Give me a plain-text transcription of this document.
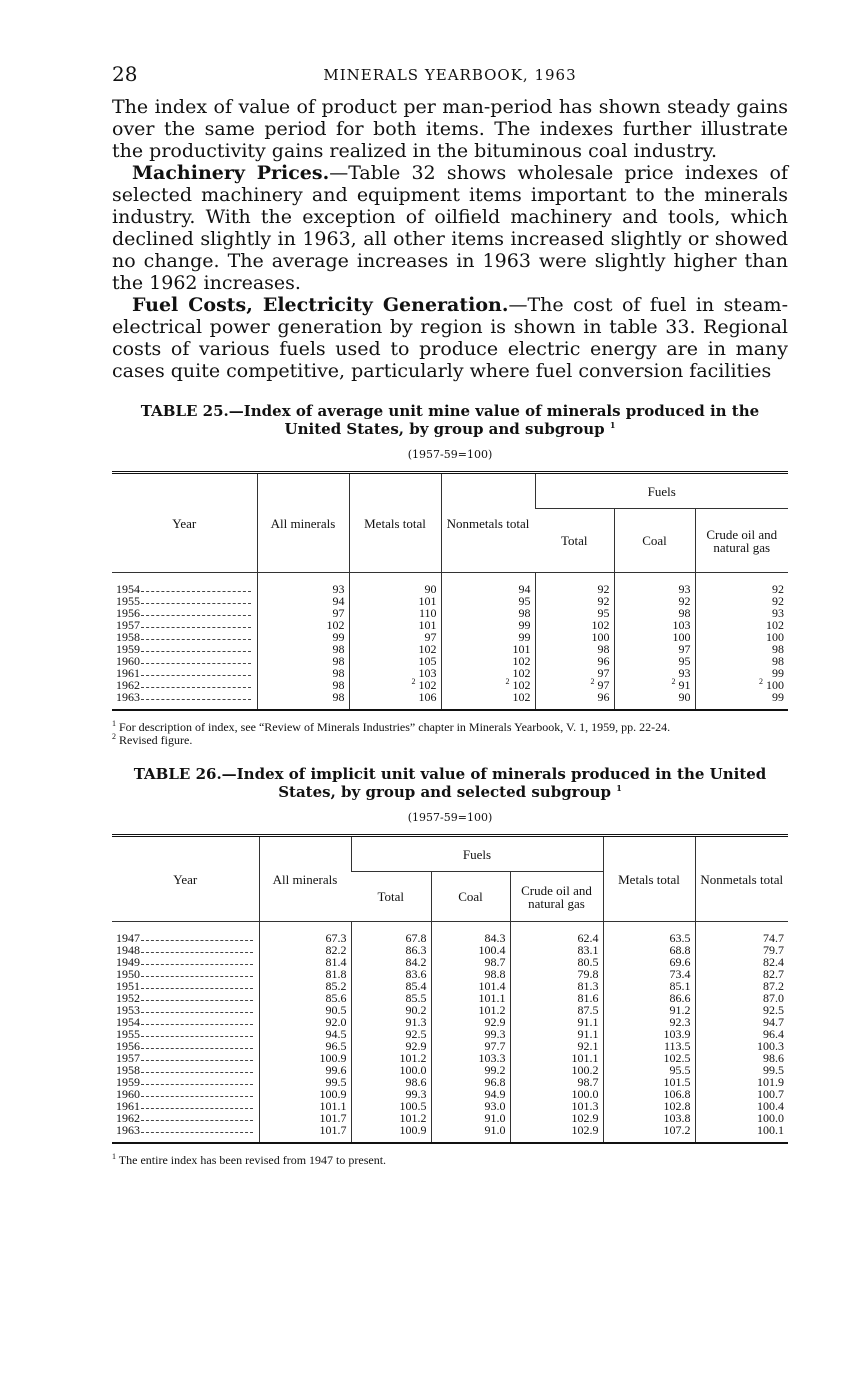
28	MINERALS YEARBOOK, 1963

The index of value of product per man-period has shown steady gains over the same period for both items. The indexes further illustrate the productivity gains realized in the bituminous coal industry.

Machinery Prices.—Table 32 shows wholesale price indexes of selected machinery and equipment items important to the minerals industry. With the exception of oilfield machinery and tools, which declined slightly in 1963, all other items increased slightly or showed no change. The average increases in 1963 were slightly higher than the 1962 increases.

Fuel Costs, Electricity Generation.—The cost of fuel in steam-electrical power generation by region is shown in table 33. Regional costs of various fuels used to produce electric energy are in many cases quite competitive, particularly where fuel conversion facilities

TABLE 25.—Index of average unit mine value of minerals produced in the United States, by group and subgroup $^1$
(1957-59=100)
Year	All minerals	Metals total	Nonmetals total	Fuels		
				Total	Coal	Crude oil and natural gas

1954	93	90	94	92	93	92

1955	94	101	95	92	92	92

1956	97	110	98	95	98	93

1957	102	101	99	102	103	102

1958	99	97	99	100	100	100

1959	98	102	101	98	97	98

1960	98	105	102	96	95	98

1961	98	103	102	97	93	99

1962	98	$^2$ 102	$^2$ 102	$^2$ 97	$^2$ 91	$^2$ 100

1963	98	106	102	96	90	99

$^1$ For description of index, see “Review of Minerals Industries” chapter in Minerals Yearbook, V. 1, 1959, pp. 22-24.

$^2$ Revised figure.

TABLE 26.—Index of implicit unit value of minerals produced in the United States, by group and selected subgroup $^1$
(1957-59=100)
Year	All minerals	Fuels			Metals total	Nonmetals total
		Total	Coal	Crude oil and natural gas		

1947	67.3	67.8	84.3	62.4	63.5	74.7

1948	82.2	86.3	100.4	83.1	68.8	79.7

1949	81.4	84.2	98.7	80.5	69.6	82.4

1950	81.8	83.6	98.8	79.8	73.4	82.7

1951	85.2	85.4	101.4	81.3	85.1	87.2

1952	85.6	85.5	101.1	81.6	86.6	87.0

1953	90.5	90.2	101.2	87.5	91.2	92.5

1954	92.0	91.3	92.9	91.1	92.3	94.7

1955	94.5	92.5	99.3	91.1	103.9	96.4

1956	96.5	92.9	97.7	92.1	113.5	100.3

1957	100.9	101.2	103.3	101.1	102.5	98.6

1958	99.6	100.0	99.2	100.2	95.5	99.5

1959	99.5	98.6	96.8	98.7	101.5	101.9

1960	100.9	99.3	94.9	100.0	106.8	100.7

1961	101.1	100.5	93.0	101.3	102.8	100.4

1962	101.7	101.2	91.0	102.9	103.8	100.0

1963	101.7	100.9	91.0	102.9	107.2	100.1

$^1$ The entire index has been revised from 1947 to present.
